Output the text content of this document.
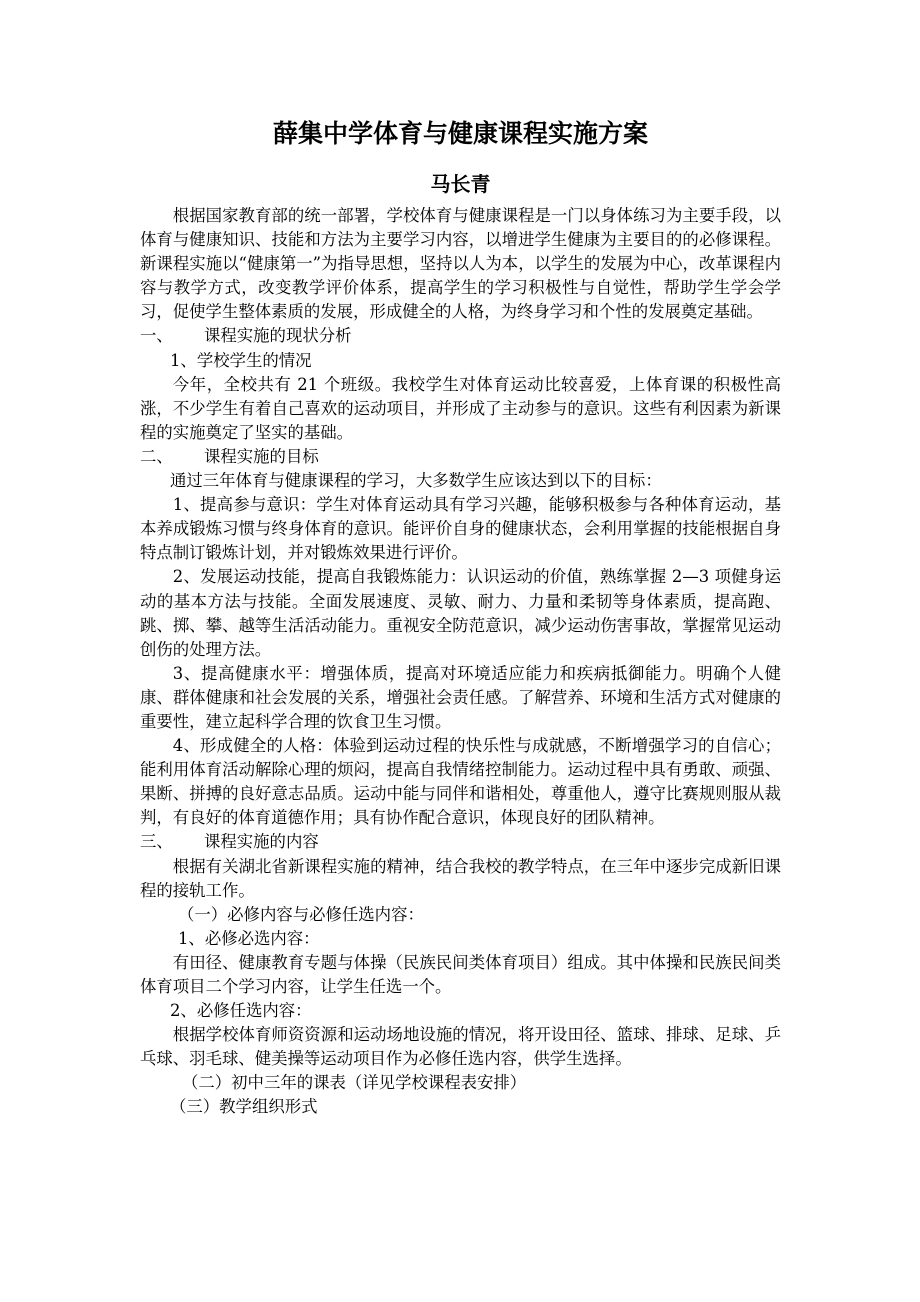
薛集中学体育与健康课程实施方案
马长青

根据国家教育部的统一部署，学校体育与健康课程是一门以身体练习为主要手段，以体育与健康知识、技能和方法为主要学习内容，以增进学生健康为主要目的的必修课程。新课程实施以“健康第一”为指导思想，坚持以人为本，以学生的发展为中心，改革课程内容与教学方式，改变教学评价体系，提高学生的学习积极性与自觉性，帮助学生学会学习，促使学生整体素质的发展，形成健全的人格，为终身学习和个性的发展奠定基础。

一、 课程实施的现状分析

1、学校学生的情况

今年，全校共有 21 个班级。我校学生对体育运动比较喜爱，上体育课的积极性高涨，不少学生有着自己喜欢的运动项目，并形成了主动参与的意识。这些有利因素为新课程的实施奠定了坚实的基础。

二、 课程实施的目标

通过三年体育与健康课程的学习，大多数学生应该达到以下的目标：

1、提高参与意识：学生对体育运动具有学习兴趣，能够积极参与各种体育运动，基本养成锻炼习惯与终身体育的意识。能评价自身的健康状态，会利用掌握的技能根据自身特点制订锻炼计划，并对锻炼效果进行评价。

2、发展运动技能，提高自我锻炼能力：认识运动的价值，熟练掌握 2—3 项健身运动的基本方法与技能。全面发展速度、灵敏、耐力、力量和柔韧等身体素质，提高跑、跳、掷、攀、越等生活活动能力。重视安全防范意识，减少运动伤害事故，掌握常见运动创伤的处理方法。

3、提高健康水平：增强体质，提高对环境适应能力和疾病抵御能力。明确个人健康、群体健康和社会发展的关系，增强社会责任感。了解营养、环境和生活方式对健康的重要性，建立起科学合理的饮食卫生习惯。

4、形成健全的人格：体验到运动过程的快乐性与成就感，不断增强学习的自信心；能利用体育活动解除心理的烦闷，提高自我情绪控制能力。运动过程中具有勇敢、顽强、果断、拼搏的良好意志品质。运动中能与同伴和谐相处，尊重他人，遵守比赛规则服从裁判，有良好的体育道德作用；具有协作配合意识，体现良好的团队精神。

三、 课程实施的内容

根据有关湖北省新课程实施的精神，结合我校的教学特点，在三年中逐步完成新旧课程的接轨工作。

（一）必修内容与必修任选内容：

1、必修必选内容：

有田径、健康教育专题与体操（民族民间类体育项目）组成。其中体操和民族民间类体育项目二个学习内容，让学生任选一个。

2、必修任选内容：

根据学校体育师资资源和运动场地设施的情况，将开设田径、篮球、排球、足球、乒乓球、羽毛球、健美操等运动项目作为必修任选内容，供学生选择。

（二）初中三年的课表（详见学校课程表安排）

（三）教学组织形式
